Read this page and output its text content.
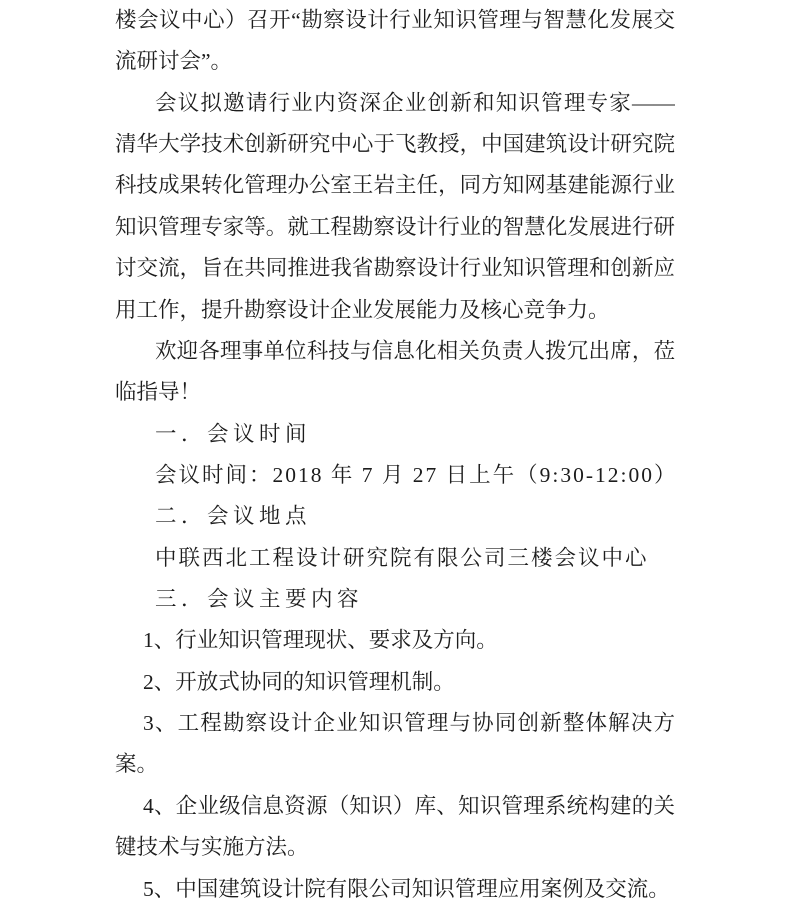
楼会议中心）召开“勘察设计行业知识管理与智慧化发展交
流研讨会”。
会议拟邀请行业内资深企业创新和知识管理专家——
清华大学技术创新研究中心于飞教授，中国建筑设计研究院
科技成果转化管理办公室王岩主任，同方知网基建能源行业
知识管理专家等。就工程勘察设计行业的智慧化发展进行研
讨交流，旨在共同推进我省勘察设计行业知识管理和创新应
用工作，提升勘察设计企业发展能力及核心竞争力。
欢迎各理事单位科技与信息化相关负责人拨冗出席，莅
临指导！
一．会议时间
会议时间：2018 年 7 月 27 日上午（9:30-12:00）
二．会议地点
中联西北工程设计研究院有限公司三楼会议中心
三．会议主要内容
1、行业知识管理现状、要求及方向。
2、开放式协同的知识管理机制。
3、工程勘察设计企业知识管理与协同创新整体解决方
案。
4、企业级信息资源（知识）库、知识管理系统构建的关
键技术与实施方法。
5、中国建筑设计院有限公司知识管理应用案例及交流。
